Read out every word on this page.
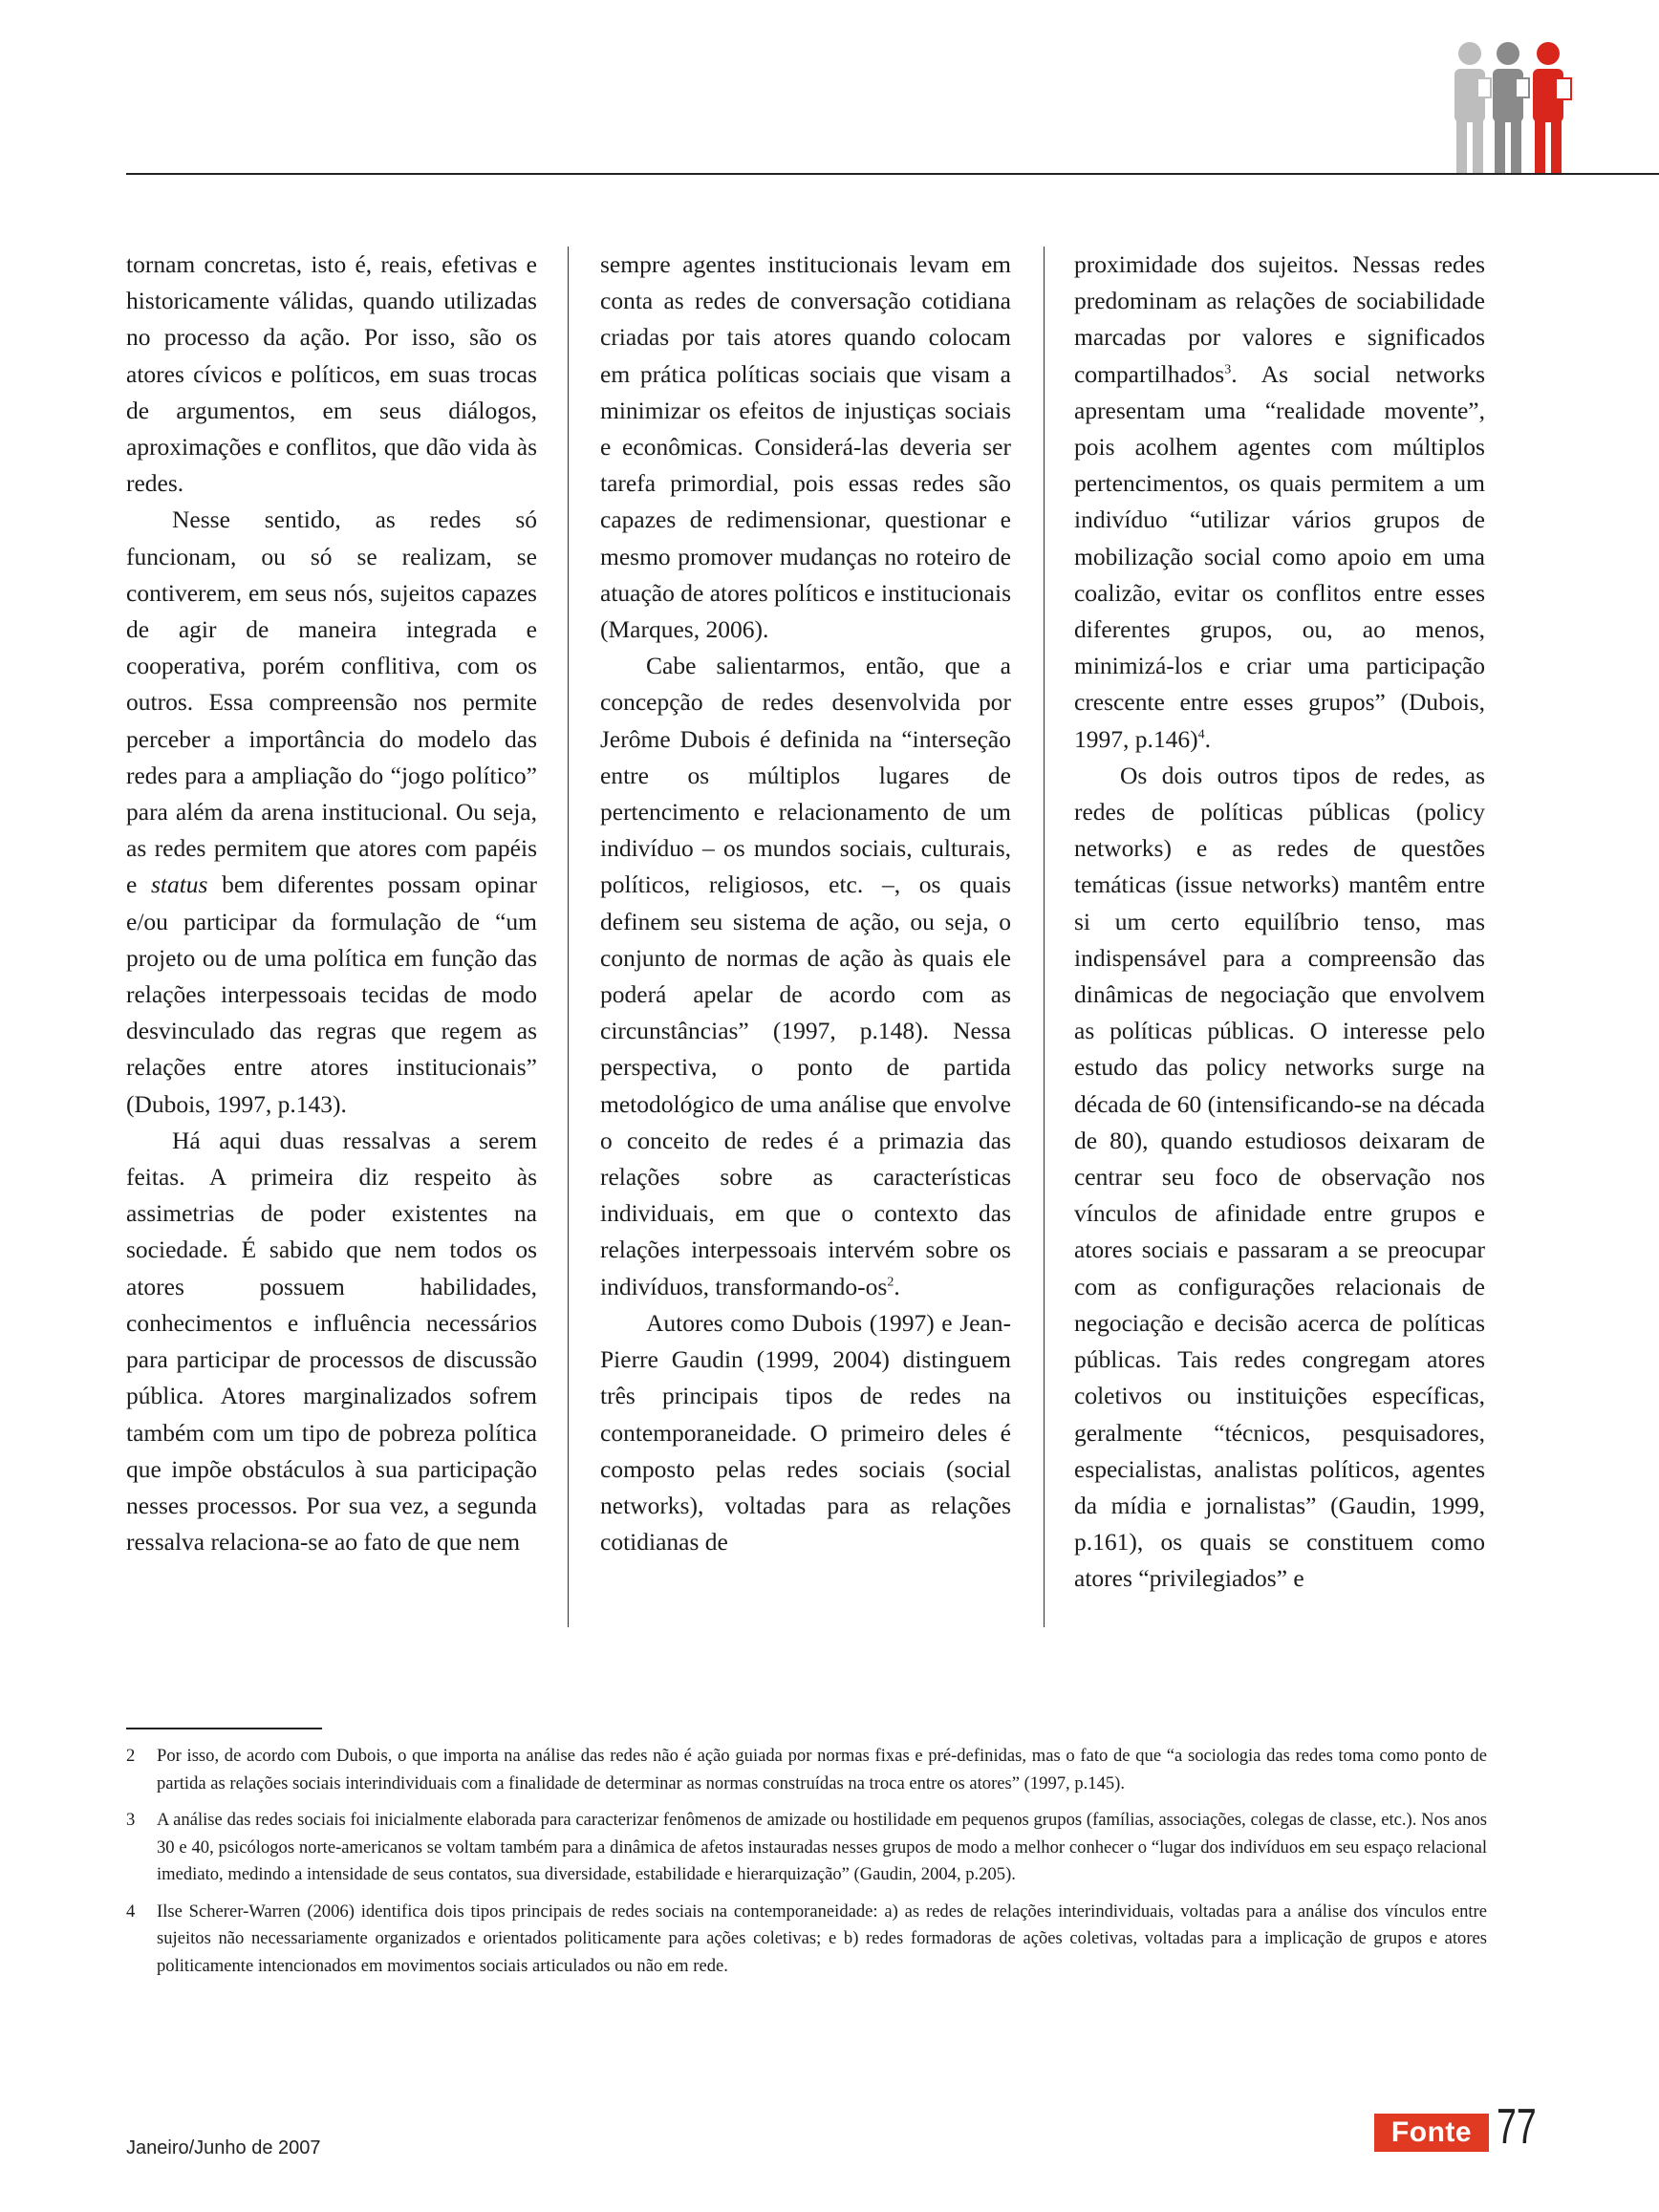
tornam concretas, isto é, reais, efetivas e historicamente válidas, quando utilizadas no processo da ação. Por isso, são os atores cívicos e políticos, em suas trocas de argumentos, em seus diálogos, aproximações e conflitos, que dão vida às redes.

Nesse sentido, as redes só funcionam, ou só se realizam, se contiverem, em seus nós, sujeitos capazes de agir de maneira integrada e cooperativa, porém conflitiva, com os outros. Essa compreensão nos permite perceber a importância do modelo das redes para a ampliação do “jogo político” para além da arena institucional. Ou seja, as redes permitem que atores com papéis e status bem diferentes possam opinar e/ou participar da formulação de “um projeto ou de uma política em função das relações interpessoais tecidas de modo desvinculado das regras que regem as relações entre atores institucionais” (Dubois, 1997, p.143).

Há aqui duas ressalvas a serem feitas. A primeira diz respeito às assimetrias de poder existentes na sociedade. É sabido que nem todos os atores possuem habilidades, conhecimentos e influência necessários para participar de processos de discussão pública. Atores marginalizados sofrem também com um tipo de pobreza política que impõe obstáculos à sua participação nesses processos. Por sua vez, a segunda ressalva relaciona-se ao fato de que nem

sempre agentes institucionais levam em conta as redes de conversação cotidiana criadas por tais atores quando colocam em prática políticas sociais que visam a minimizar os efeitos de injustiças sociais e econômicas. Considerá-las deveria ser tarefa primordial, pois essas redes são capazes de redimensionar, questionar e mesmo promover mudanças no roteiro de atuação de atores políticos e institucionais (Marques, 2006).

Cabe salientarmos, então, que a concepção de redes desenvolvida por Jerôme Dubois é definida na “interseção entre os múltiplos lugares de pertencimento e relacionamento de um indivíduo – os mundos sociais, culturais, políticos, religiosos, etc. –, os quais definem seu sistema de ação, ou seja, o conjunto de normas de ação às quais ele poderá apelar de acordo com as circunstâncias” (1997, p.148). Nessa perspectiva, o ponto de partida metodológico de uma análise que envolve o conceito de redes é a primazia das relações sobre as características individuais, em que o contexto das relações interpessoais intervém sobre os indivíduos, transformando-$os^2$.

Autores como Dubois (1997) e Jean-Pierre Gaudin (1999, 2004) distinguem três principais tipos de redes na contemporaneidade. O primeiro deles é composto pelas redes sociais (social networks), voltadas para as relações cotidianas de

proximidade dos sujeitos. Nessas redes predominam as relações de sociabilidade marcadas por valores e significados compartilhados$^3$. As social networks apresentam uma “realidade movente”, pois acolhem agentes com múltiplos pertencimentos, os quais permitem a um indivíduo “utilizar vários grupos de mobilização social como apoio em uma coalizão, evitar os conflitos entre esses diferentes grupos, ou, ao menos, minimizá-los e criar uma participação crescente entre esses grupos” (Dubois, 1997, p.146)$^4$.

Os dois outros tipos de redes, as redes de políticas públicas (policy networks) e as redes de questões temáticas (issue networks) mantêm entre si um certo equilíbrio tenso, mas indispensável para a compreensão das dinâmicas de negociação que envolvem as políticas públicas. O interesse pelo estudo das policy networks surge na década de 60 (intensificando-se na década de 80), quando estudiosos deixaram de centrar seu foco de observação nos vínculos de afinidade entre grupos e atores sociais e passaram a se preocupar com as configurações relacionais de negociação e decisão acerca de políticas públicas. Tais redes congregam atores coletivos ou instituições específicas, geralmente “técnicos, pesquisadores, especialistas, analistas políticos, agentes da mídia e jornalistas” (Gaudin, 1999, p.161), os quais se constituem como atores “privilegiados” e

2	Por isso, de acordo com Dubois, o que importa na análise das redes não é ação guiada por normas fixas e pré-definidas, mas o fato de que “a sociologia das redes toma como ponto de partida as relações sociais interindividuais com a finalidade de determinar as normas construídas na troca entre os atores” (1997, p.145).
3	A análise das redes sociais foi inicialmente elaborada para caracterizar fenômenos de amizade ou hostilidade em pequenos grupos (famílias, associações, colegas de classe, etc.). Nos anos 30 e 40, psicólogos norte-americanos se voltam também para a dinâmica de afetos instauradas nesses grupos de modo a melhor conhecer o “lugar dos indivíduos em seu espaço relacional imediato, medindo a intensidade de seus contatos, sua diversidade, estabilidade e hierarquização” (Gaudin, 2004, p.205).
4	Ilse Scherer-Warren (2006) identifica dois tipos principais de redes sociais na contemporaneidade: a) as redes de relações interindividuais, voltadas para a análise dos vínculos entre sujeitos não necessariamente organizados e orientados politicamente para ações coletivas; e b) redes formadoras de ações coletivas, voltadas para a implicação de grupos e atores politicamente intencionados em movimentos sociais articulados ou não em rede.
Janeiro/Junho de 2007	Fonte 77
